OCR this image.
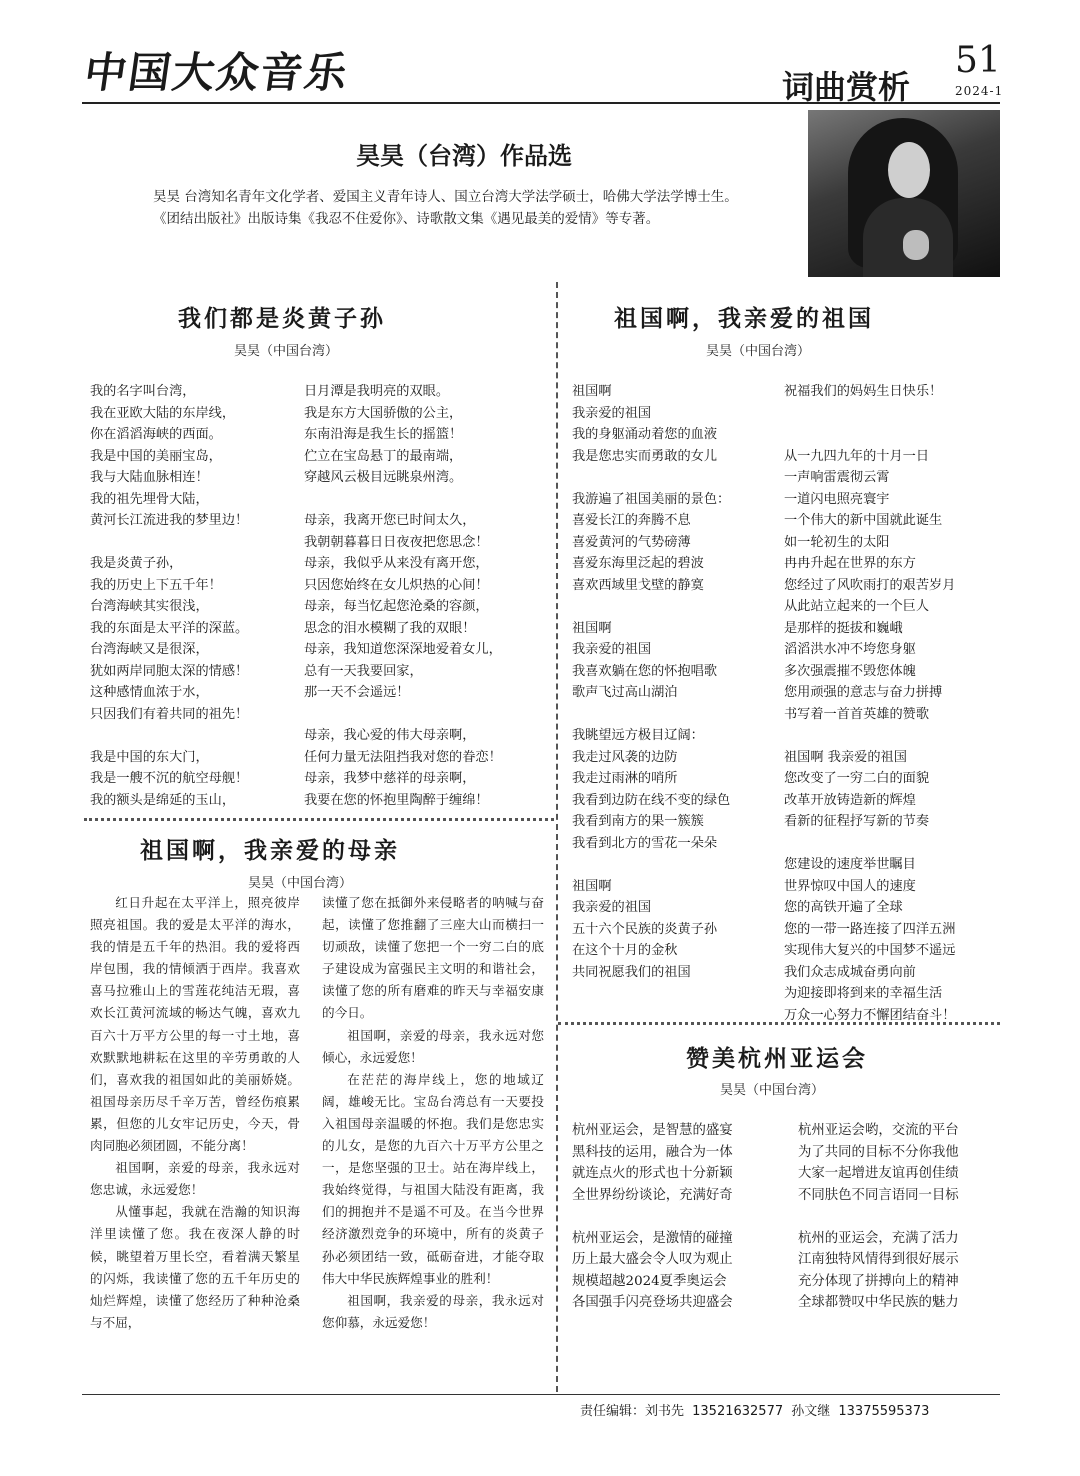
中国大众音乐	词曲赏析
51
2024-1
昊昊（台湾）作品选

昊昊 台湾知名青年文化学者、爱国主义青年诗人、国立台湾大学法学硕士，哈佛大学法学博士生。

《团结出版社》出版诗集《我忍不住爱你》、诗歌散文集《遇见最美的爱情》等专著。

我们都是炎黄子孙
昊昊（中国台湾）
我的名字叫台湾，
我在亚欧大陆的东岸线，
你在滔滔海峡的西面。
我是中国的美丽宝岛，
我与大陆血脉相连！
我的祖先埋骨大陆，
黄河长江流进我的梦里边！
我是炎黄子孙，
我的历史上下五千年！
台湾海峡其实很浅，
我的东面是太平洋的深蓝。
台湾海峡又是很深，
犹如两岸同胞太深的情感！
这种感情血浓于水，
只因我们有着共同的祖先！
我是中国的东大门，
我是一艘不沉的航空母舰！
我的额头是绵延的玉山，
日月潭是我明亮的双眼。
我是东方大国骄傲的公主，
东南沿海是我生长的摇篮！
伫立在宝岛悬丁的最南端，
穿越风云极目远眺泉州湾。
母亲，我离开您已时间太久，
我朝朝暮暮日日夜夜把您思念！
母亲，我似乎从来没有离开您，
只因您始终在女儿炽热的心间！
母亲，每当忆起您沧桑的容颜，
思念的泪水模糊了我的双眼！
母亲，我知道您深深地爱着女儿，
总有一天我要回家，
那一天不会遥远！
母亲，我心爱的伟大母亲啊，
任何力量无法阻挡我对您的眷恋！
母亲，我梦中慈祥的母亲啊，
我要在您的怀抱里陶醉于缠绵！
祖国啊，我亲爱的祖国
昊昊（中国台湾）
祖国啊
我亲爱的祖国
我的身躯涌动着您的血液
我是您忠实而勇敢的女儿
我游遍了祖国美丽的景色：
喜爱长江的奔腾不息
喜爱黄河的气势磅薄
喜爱东海里泛起的碧波
喜欢西域里戈壁的静寞
祖国啊
我亲爱的祖国
我喜欢躺在您的怀抱唱歌
歌声飞过高山湖泊
我眺望远方极目辽阔：
我走过风袭的边防
我走过雨淋的哨所
我看到边防在线不变的绿色
我看到南方的果一簇簇
我看到北方的雪花一朵朵
祖国啊
我亲爱的祖国
五十六个民族的炎黄子孙
在这个十月的金秋
共同祝愿我们的祖国
祝福我们的妈妈生日快乐！
从一九四九年的十月一日
一声响雷震彻云霄
一道闪电照亮寰宇
一个伟大的新中国就此诞生
如一轮初生的太阳
冉冉升起在世界的东方
您经过了风吹雨打的艰苦岁月
从此站立起来的一个巨人
是那样的挺拔和巍峨
滔滔洪水冲不垮您身躯
多次强震摧不毁您体魄
您用顽强的意志与奋力拼搏
书写着一首首英雄的赞歌
祖国啊 我亲爱的祖国
您改变了一穷二白的面貌
改革开放铸造新的辉煌
看新的征程抒写新的节奏
您建设的速度举世瞩目
世界惊叹中国人的速度
您的高铁开遍了全球
您的一带一路连接了四洋五洲
实现伟大复兴的中国梦不遥远
我们众志成城奋勇向前
为迎接即将到来的幸福生活
万众一心努力不懈团结奋斗！
祖国啊，我亲爱的母亲
昊昊（中国台湾）

红日升起在太平洋上，照亮彼岸照亮祖国。我的爱是太平洋的海水，我的情是五千年的热泪。我的爱将西岸包围，我的情倾洒于西岸。我喜欢喜马拉雅山上的雪莲花纯洁无瑕，喜欢长江黄河流域的畅达气魄，喜欢九百六十万平方公里的每一寸土地，喜欢默默地耕耘在这里的辛劳勇敢的人们，喜欢我的祖国如此的美丽娇娆。祖国母亲历尽千辛万苦，曾经伤痕累累，但您的儿女牢记历史，今天，骨肉同胞必须团圆，不能分离！

祖国啊，亲爱的母亲，我永远对您忠诚，永远爱您！

从懂事起，我就在浩瀚的知识海洋里读懂了您。我在夜深人静的时候，眺望着万里长空，看着满天繁星的闪烁，我读懂了您的五千年历史的灿烂辉煌，读懂了您经历了种种沧桑与不屈，

读懂了您在抵御外来侵略者的呐喊与奋起，读懂了您推翻了三座大山而横扫一切顽敌，读懂了您把一个一穷二白的底子建设成为富强民主文明的和谐社会，读懂了您的所有磨难的昨天与幸福安康的今日。

祖国啊，亲爱的母亲，我永远对您倾心，永远爱您！

在茫茫的海岸线上，您的地域辽阔，雄峻无比。宝岛台湾总有一天要投入祖国母亲温暖的怀抱。我们是您忠实的儿女，是您的九百六十万平方公里之一，是您坚强的卫士。站在海岸线上，我始终觉得，与祖国大陆没有距离，我们的拥抱并不是遥不可及。在当今世界经济激烈竞争的环境中，所有的炎黄子孙必须团结一致，砥砺奋进，才能夺取伟大中华民族辉煌事业的胜利！

祖国啊，我亲爱的母亲，我永远对您仰慕，永远爱您！

赞美杭州亚运会
昊昊（中国台湾）
杭州亚运会，是智慧的盛宴
黑科技的运用，融合为一体
就连点火的形式也十分新颖
全世界纷纷谈论，充满好奇
杭州亚运会，是激情的碰撞
历上最大盛会令人叹为观止
规模超越2024夏季奥运会
各国强手闪亮登场共迎盛会
杭州亚运会哟，交流的平台
为了共同的目标不分你我他
大家一起增进友谊再创佳绩
不同肤色不同言语同一目标
杭州的亚运会，充满了活力
江南独特风情得到很好展示
充分体现了拼搏向上的精神
全球都赞叹中华民族的魅力
责任编辑：刘书先 13521632577 孙文继 13375595373
